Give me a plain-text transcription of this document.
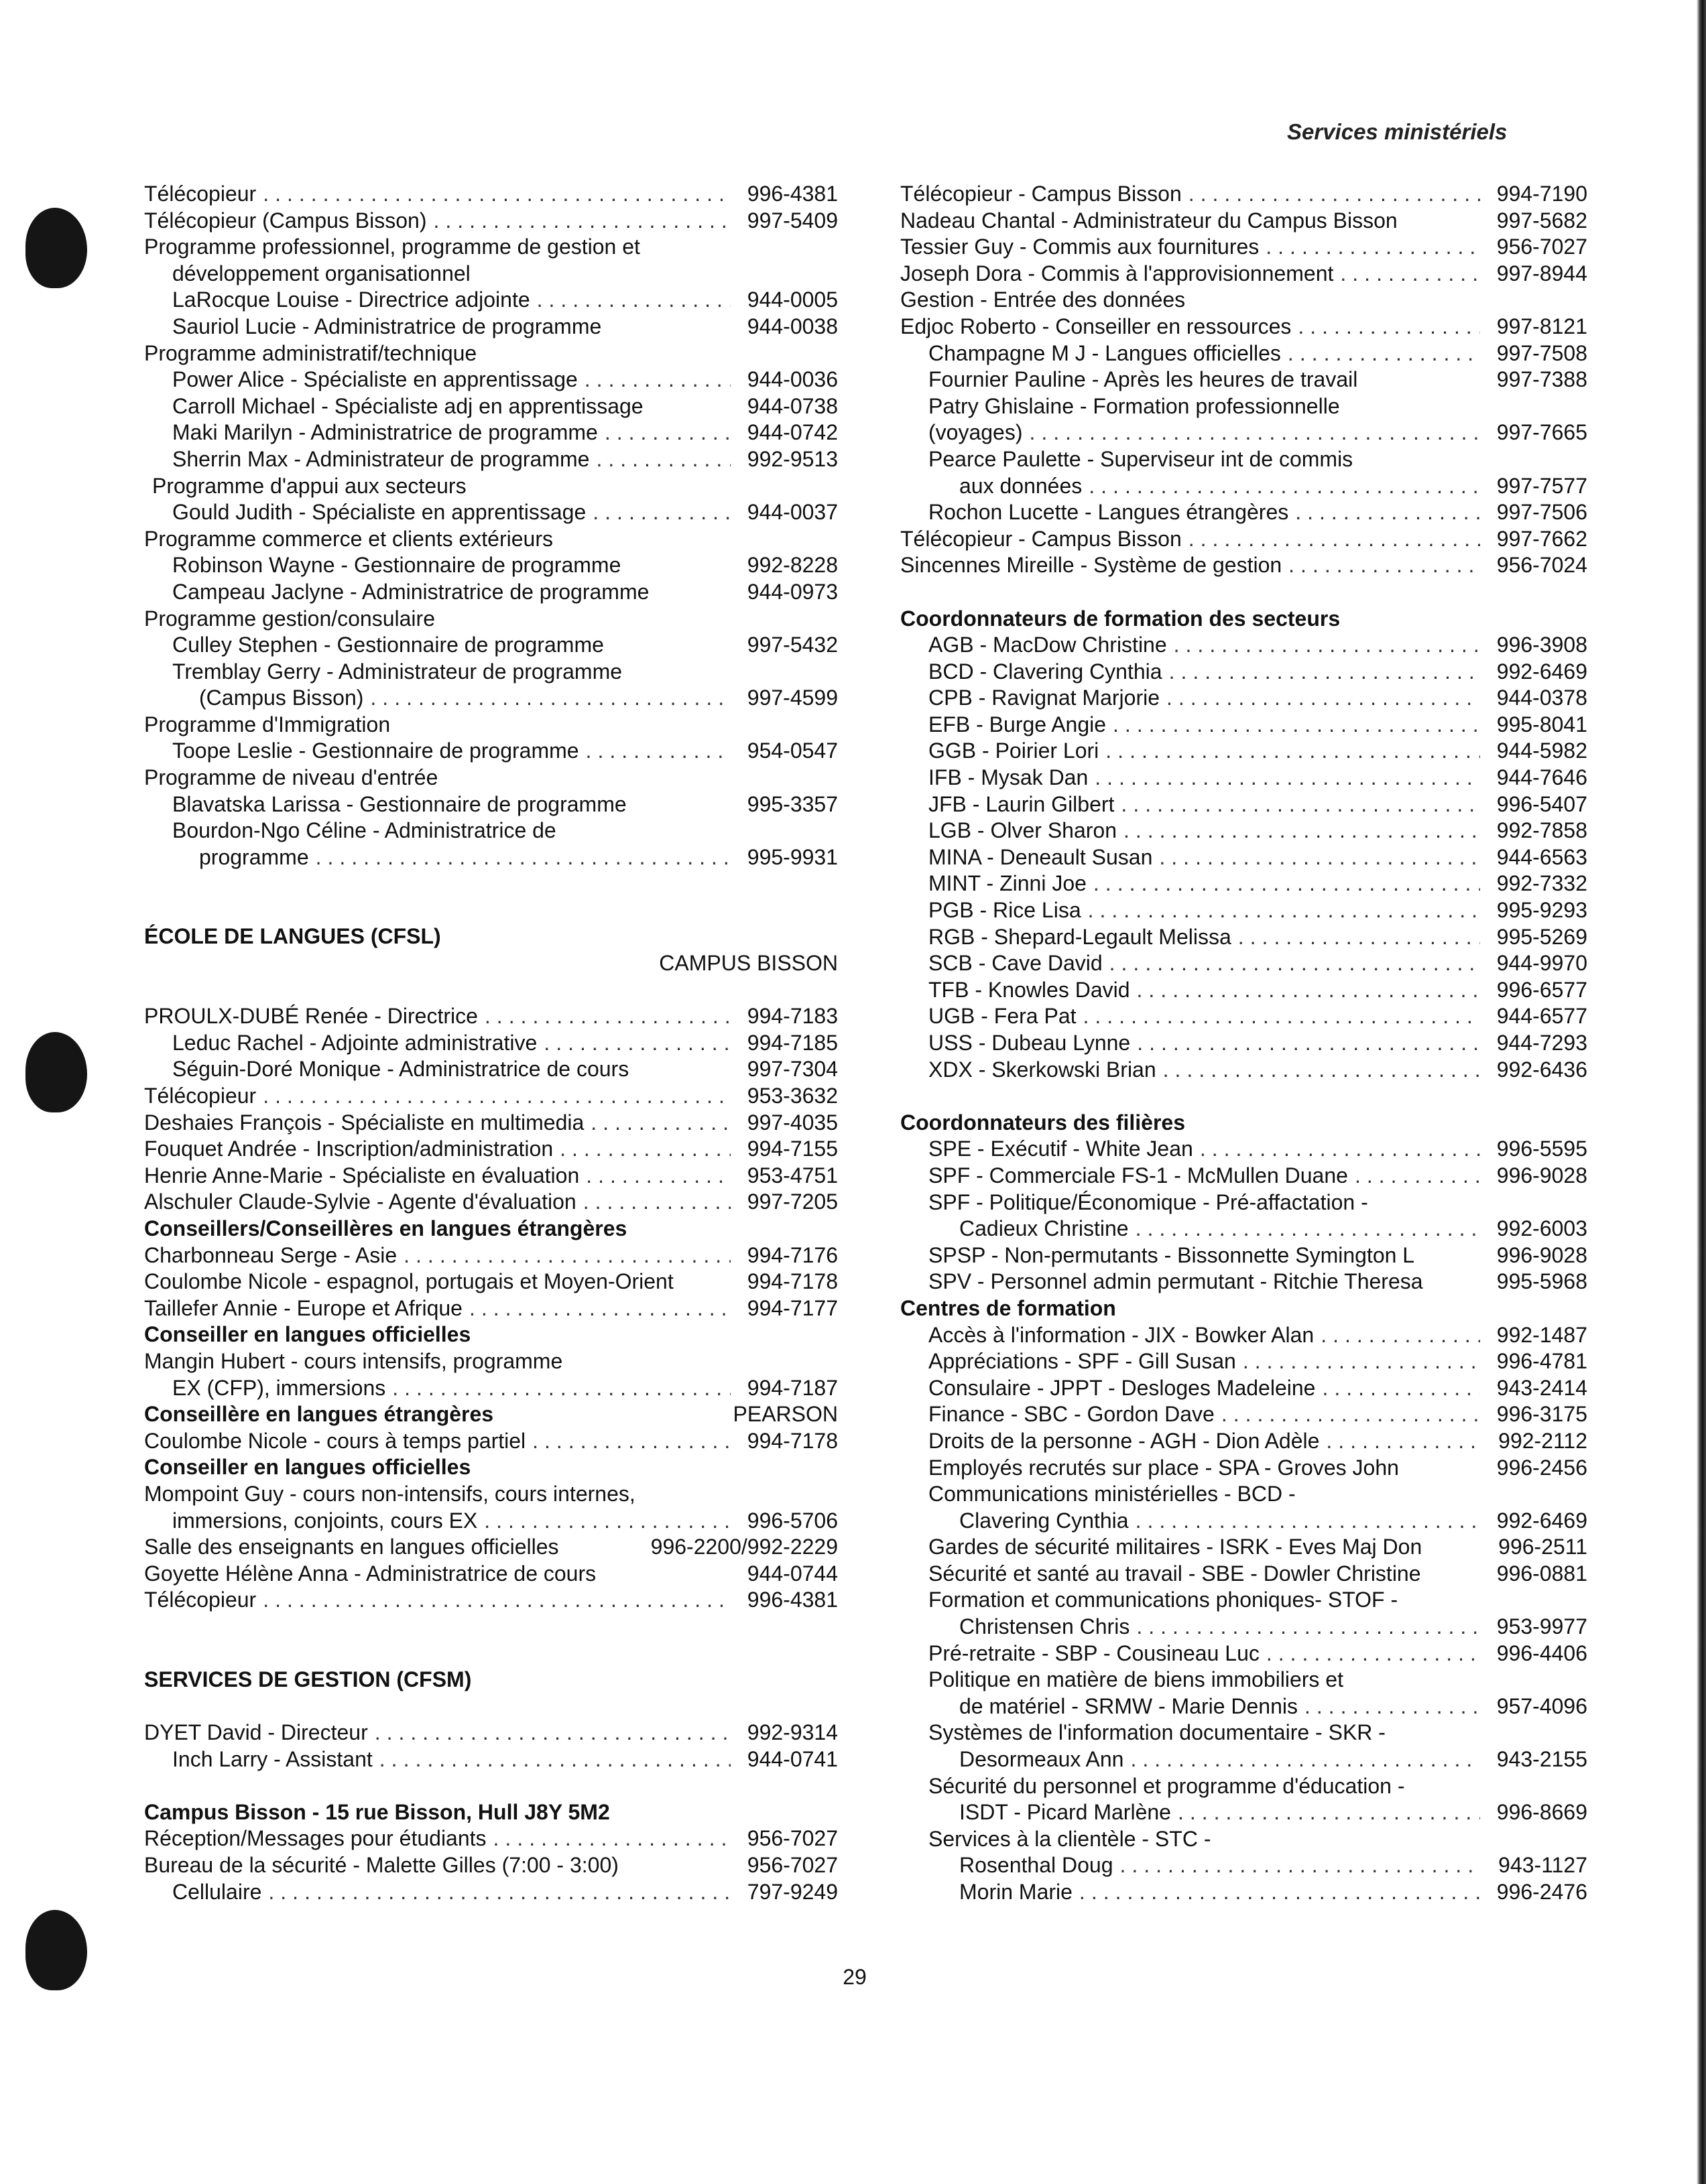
Services ministériels
Télécopieur .....	996-4381
Télécopieur (Campus Bisson) .....	997-5409
Programme professionnel, programme de gestion et
développement organisationnel
LaRocque Louise - Directrice adjointe .....	944-0005
Sauriol Lucie - Administratrice de programme	944-0038
Programme administratif/technique
Power Alice - Spécialiste en apprentissage .....	944-0036
Carroll Michael - Spécialiste adj en apprentissage	944-0738
Maki Marilyn - Administratrice de programme .....	944-0742
Sherrin Max - Administrateur de programme .....	992-9513
Programme d'appui aux secteurs
Gould Judith - Spécialiste en apprentissage .....	944-0037
Programme commerce et clients extérieurs
Robinson Wayne - Gestionnaire de programme	992-8228
Campeau Jaclyne - Administratrice de programme	944-0973
Programme gestion/consulaire
Culley Stephen - Gestionnaire de programme	997-5432
Tremblay Gerry - Administrateur de programme
(Campus Bisson) .....	997-4599
Programme d'Immigration
Toope Leslie - Gestionnaire de programme .....	954-0547
Programme de niveau d'entrée
Blavatska Larissa - Gestionnaire de programme	995-3357
Bourdon-Ngo Céline - Administratrice de
programme .....	995-9931
ÉCOLE DE LANGUES (CFSL)
CAMPUS BISSON
PROULX-DUBÉ Renée - Directrice .....	994-7183
Leduc Rachel - Adjointe administrative .....	994-7185
Séguin-Doré Monique - Administratrice de cours	997-7304
Télécopieur .....	953-3632
Deshaies François - Spécialiste en multimedia .....	997-4035
Fouquet Andrée - Inscription/administration .....	994-7155
Henrie Anne-Marie - Spécialiste en évaluation .....	953-4751
Alschuler Claude-Sylvie - Agente d'évaluation .....	997-7205
Conseillers/Conseillères en langues étrangères
Charbonneau Serge - Asie .....	994-7176
Coulombe Nicole - espagnol, portugais et Moyen-Orient	994-7178
Taillefer Annie - Europe et Afrique .....	994-7177
Conseiller en langues officielles
Mangin Hubert - cours intensifs, programme
EX (CFP), immersions .....	994-7187
Conseillère en langues étrangères	PEARSON
Coulombe Nicole - cours à temps partiel .....	994-7178
Conseiller en langues officielles
Mompoint Guy - cours non-intensifs, cours internes,
immersions, conjoints, cours EX .....	996-5706
Salle des enseignants en langues officielles	996-2200/992-2229
Goyette Hélène Anna - Administratrice de cours	944-0744
Télécopieur .....	996-4381
SERVICES DE GESTION (CFSM)
DYET David - Directeur .....	992-9314
Inch Larry - Assistant .....	944-0741
Campus Bisson - 15 rue Bisson, Hull J8Y 5M2
Réception/Messages pour étudiants .....	956-7027
Bureau de la sécurité - Malette Gilles (7:00 - 3:00)	956-7027
Cellulaire .....	797-9249
Télécopieur - Campus Bisson .....	994-7190
Nadeau Chantal - Administrateur du Campus Bisson	997-5682
Tessier Guy - Commis aux fournitures .....	956-7027
Joseph Dora - Commis à l'approvisionnement .....	997-8944
Gestion - Entrée des données
Edjoc Roberto - Conseiller en ressources .....	997-8121
Champagne M J - Langues officielles .....	997-7508
Fournier Pauline - Après les heures de travail	997-7388
Patry Ghislaine - Formation professionnelle
(voyages) .....	997-7665
Pearce Paulette - Superviseur int de commis
aux données .....	997-7577
Rochon Lucette - Langues étrangères .....	997-7506
Télécopieur - Campus Bisson .....	997-7662
Sincennes Mireille - Système de gestion .....	956-7024
Coordonnateurs de formation des secteurs
AGB - MacDow Christine .....	996-3908
BCD - Clavering Cynthia .....	992-6469
CPB - Ravignat Marjorie .....	944-0378
EFB - Burge Angie .....	995-8041
GGB - Poirier Lori .....	944-5982
IFB - Mysak Dan .....	944-7646
JFB - Laurin Gilbert .....	996-5407
LGB - Olver Sharon .....	992-7858
MINA - Deneault Susan .....	944-6563
MINT - Zinni Joe .....	992-7332
PGB - Rice Lisa .....	995-9293
RGB - Shepard-Legault Melissa .....	995-5269
SCB - Cave David .....	944-9970
TFB - Knowles David .....	996-6577
UGB - Fera Pat .....	944-6577
USS - Dubeau Lynne .....	944-7293
XDX - Skerkowski Brian .....	992-6436
Coordonnateurs des filières
SPE - Exécutif - White Jean .....	996-5595
SPF - Commerciale FS-1 - McMullen Duane .....	996-9028
SPF - Politique/Économique - Pré-affactation -
Cadieux Christine .....	992-6003
SPSP - Non-permutants - Bissonnette Symington L	996-9028
SPV - Personnel admin permutant - Ritchie Theresa	995-5968
Centres de formation
Accès à l'information - JIX - Bowker Alan .....	992-1487
Appréciations - SPF - Gill Susan .....	996-4781
Consulaire - JPPT - Desloges Madeleine .....	943-2414
Finance - SBC - Gordon Dave .....	996-3175
Droits de la personne - AGH - Dion Adèle .....	992-2112
Employés recrutés sur place - SPA - Groves John	996-2456
Communications ministérielles - BCD -
Clavering Cynthia .....	992-6469
Gardes de sécurité militaires - ISRK - Eves Maj Don	996-2511
Sécurité et santé au travail - SBE - Dowler Christine	996-0881
Formation et communications phoniques- STOF -
Christensen Chris .....	953-9977
Pré-retraite - SBP - Cousineau Luc .....	996-4406
Politique en matière de biens immobiliers et
de matériel - SRMW - Marie Dennis .....	957-4096
Systèmes de l'information documentaire - SKR -
Desormeaux Ann .....	943-2155
Sécurité du personnel et programme d'éducation -
ISDT - Picard Marlène .....	996-8669
Services à la clientèle - STC -
Rosenthal Doug .....	943-1127
Morin Marie .....	996-2476
29
